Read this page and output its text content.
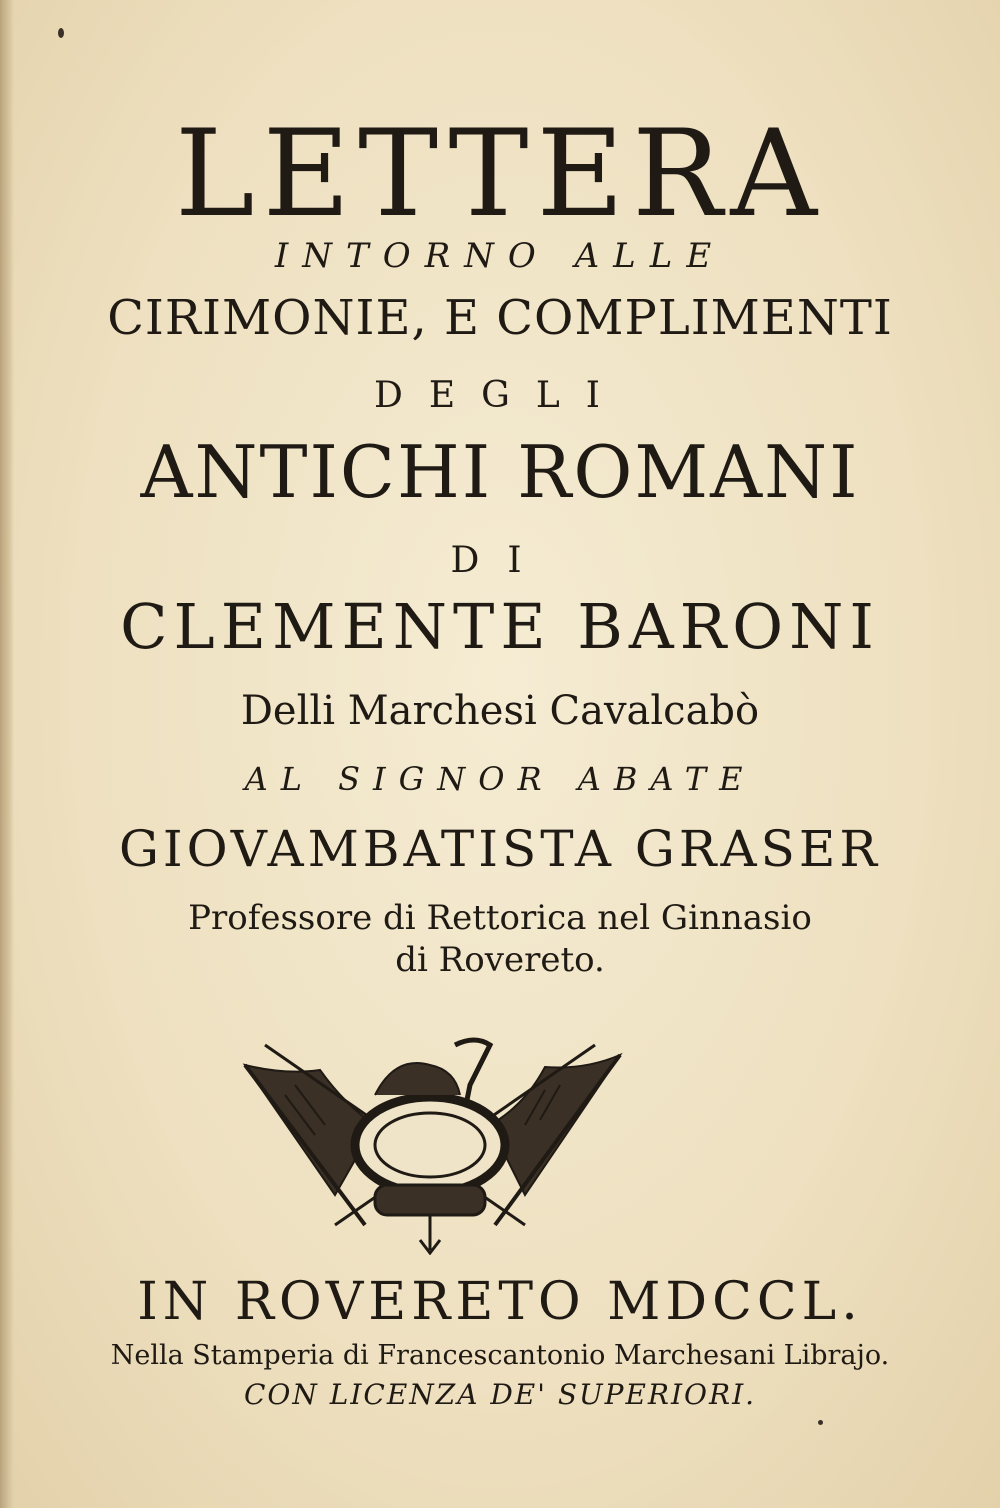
LETTERA
INTORNO ALLE
CIRIMONIE, E COMPLIMENTI
DEGLI
ANTICHI ROMANI
DI
CLEMENTE BARONI
Delli Marchesi Cavalcabò
AL SIGNOR ABATE
GIOVAMBATISTA GRASER
Professore di Rettorica nel Ginnasio
di Rovereto.
IN ROVERETO MDCCL.
Nella Stamperia di Francescantonio Marchesani Librajo.
CON LICENZA DE' SUPERIORI.
